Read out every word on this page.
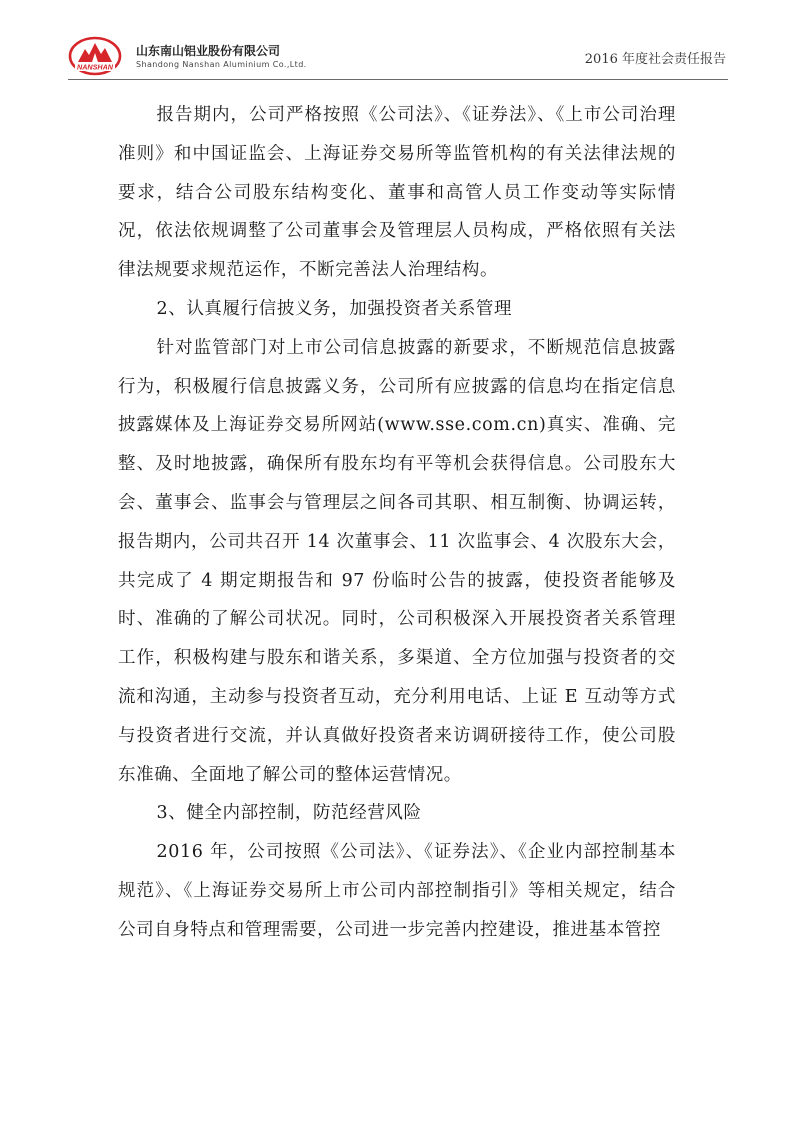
NANSHAN
山东南山铝业股份有限公司
Shandong Nanshan Aluminium Co.,Ltd.	2016 年度社会责任报告

报告期内，公司严格按照《公司法》、《证券法》、《上市公司治理准则》和中国证监会、上海证券交易所等监管机构的有关法律法规的要求，结合公司股东结构变化、董事和高管人员工作变动等实际情况，依法依规调整了公司董事会及管理层人员构成，严格依照有关法律法规要求规范运作，不断完善法人治理结构。

2、认真履行信披义务，加强投资者关系管理

针对监管部门对上市公司信息披露的新要求，不断规范信息披露行为，积极履行信息披露义务，公司所有应披露的信息均在指定信息披露媒体及上海证券交易所网站(www.sse.com.cn)真实、准确、完整、及时地披露，确保所有股东均有平等机会获得信息。公司股东大会、董事会、监事会与管理层之间各司其职、相互制衡、协调运转，报告期内，公司共召开 14 次董事会、11 次监事会、4 次股东大会，共完成了 4 期定期报告和 97 份临时公告的披露，使投资者能够及时、准确的了解公司状况。同时，公司积极深入开展投资者关系管理工作，积极构建与股东和谐关系，多渠道、全方位加强与投资者的交流和沟通，主动参与投资者互动，充分利用电话、上证 E 互动等方式与投资者进行交流，并认真做好投资者来访调研接待工作，使公司股东准确、全面地了解公司的整体运营情况。

3、健全内部控制，防范经营风险

2016 年，公司按照《公司法》、《证券法》、《企业内部控制基本规范》、《上海证券交易所上市公司内部控制指引》等相关规定，结合公司自身特点和管理需要，公司进一步完善内控建设，推进基本管控
